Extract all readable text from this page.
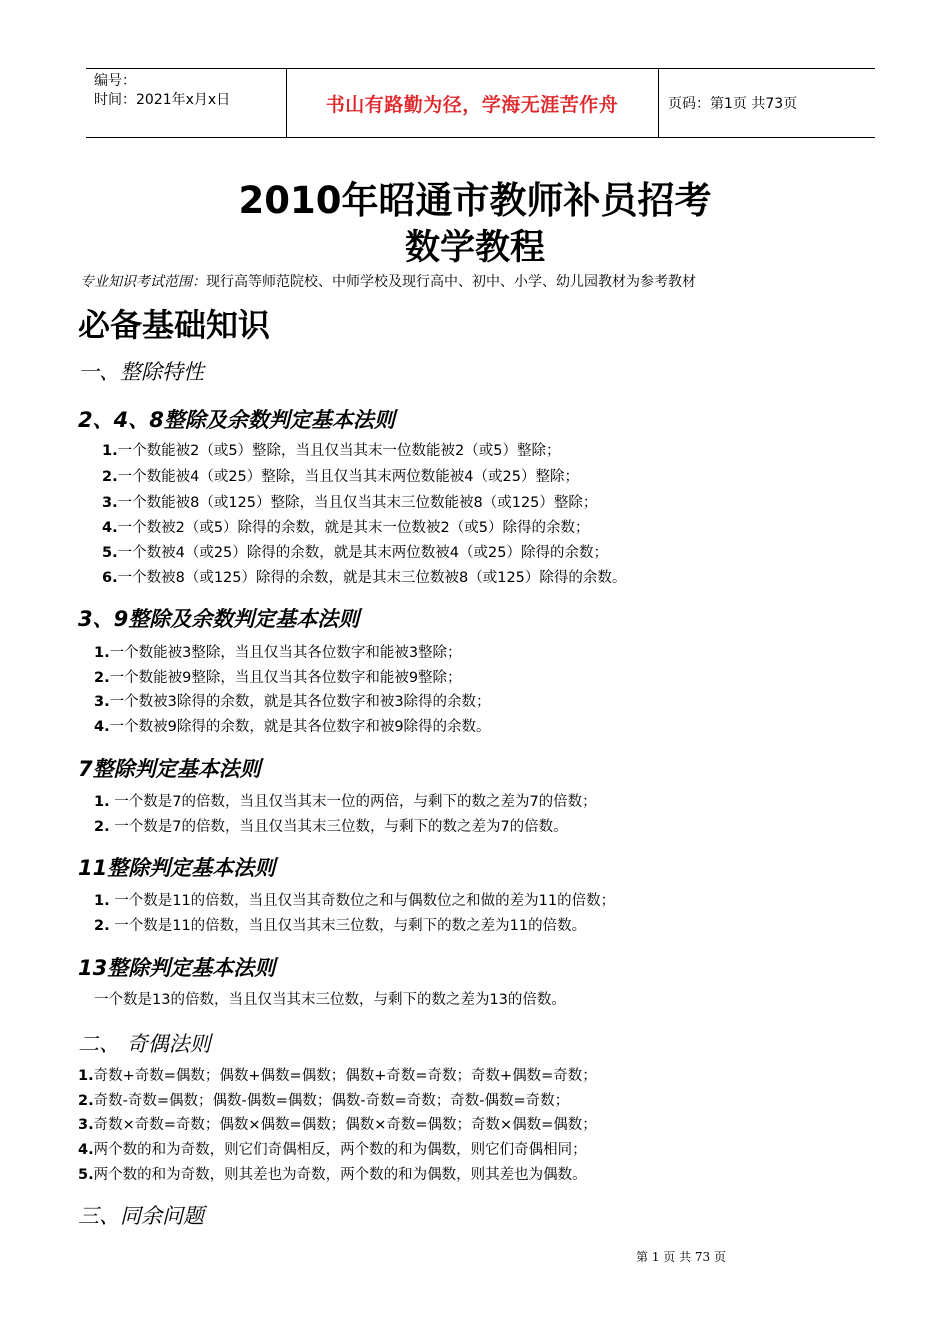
编号：
时间：2021年x月x日	书山有路勤为径，学海无涯苦作舟	页码：第1页 共73页
2010年昭通市教师补员招考
数学教程
专业知识考试范围：现行高等师范院校、中师学校及现行高中、初中、小学、幼儿园教材为参考教材
必备基础知识
一、整除特性
2、4、8整除及余数判定基本法则
1.一个数能被2（或5）整除，当且仅当其末一位数能被2（或5）整除；
2.一个数能被4（或25）整除，当且仅当其末两位数能被4（或25）整除；
3.一个数能被8（或125）整除，当且仅当其末三位数能被8（或125）整除；
4.一个数被2（或5）除得的余数，就是其末一位数被2（或5）除得的余数；
5.一个数被4（或25）除得的余数，就是其末两位数被4（或25）除得的余数；
6.一个数被8（或125）除得的余数，就是其末三位数被8（或125）除得的余数。
3、9整除及余数判定基本法则
1.一个数能被3整除，当且仅当其各位数字和能被3整除；
2.一个数能被9整除，当且仅当其各位数字和能被9整除；
3.一个数被3除得的余数，就是其各位数字和被3除得的余数；
4.一个数被9除得的余数，就是其各位数字和被9除得的余数。
7整除判定基本法则
1. 一个数是7的倍数，当且仅当其末一位的两倍，与剩下的数之差为7的倍数；
2. 一个数是7的倍数，当且仅当其末三位数，与剩下的数之差为7的倍数。
11整除判定基本法则
1. 一个数是11的倍数，当且仅当其奇数位之和与偶数位之和做的差为11的倍数；
2. 一个数是11的倍数，当且仅当其末三位数，与剩下的数之差为11的倍数。
13整除判定基本法则
一个数是13的倍数，当且仅当其末三位数，与剩下的数之差为13的倍数。
二、 奇偶法则
1.奇数+奇数=偶数；偶数+偶数=偶数；偶数+奇数=奇数；奇数+偶数=奇数；
2.奇数-奇数=偶数；偶数-偶数=偶数；偶数-奇数=奇数；奇数-偶数=奇数；
3.奇数×奇数=奇数；偶数×偶数=偶数；偶数×奇数=偶数；奇数×偶数=偶数；
4.两个数的和为奇数，则它们奇偶相反，两个数的和为偶数，则它们奇偶相同；
5.两个数的和为奇数，则其差也为奇数，两个数的和为偶数，则其差也为偶数。
三、同余问题
第 1 页 共 73 页
